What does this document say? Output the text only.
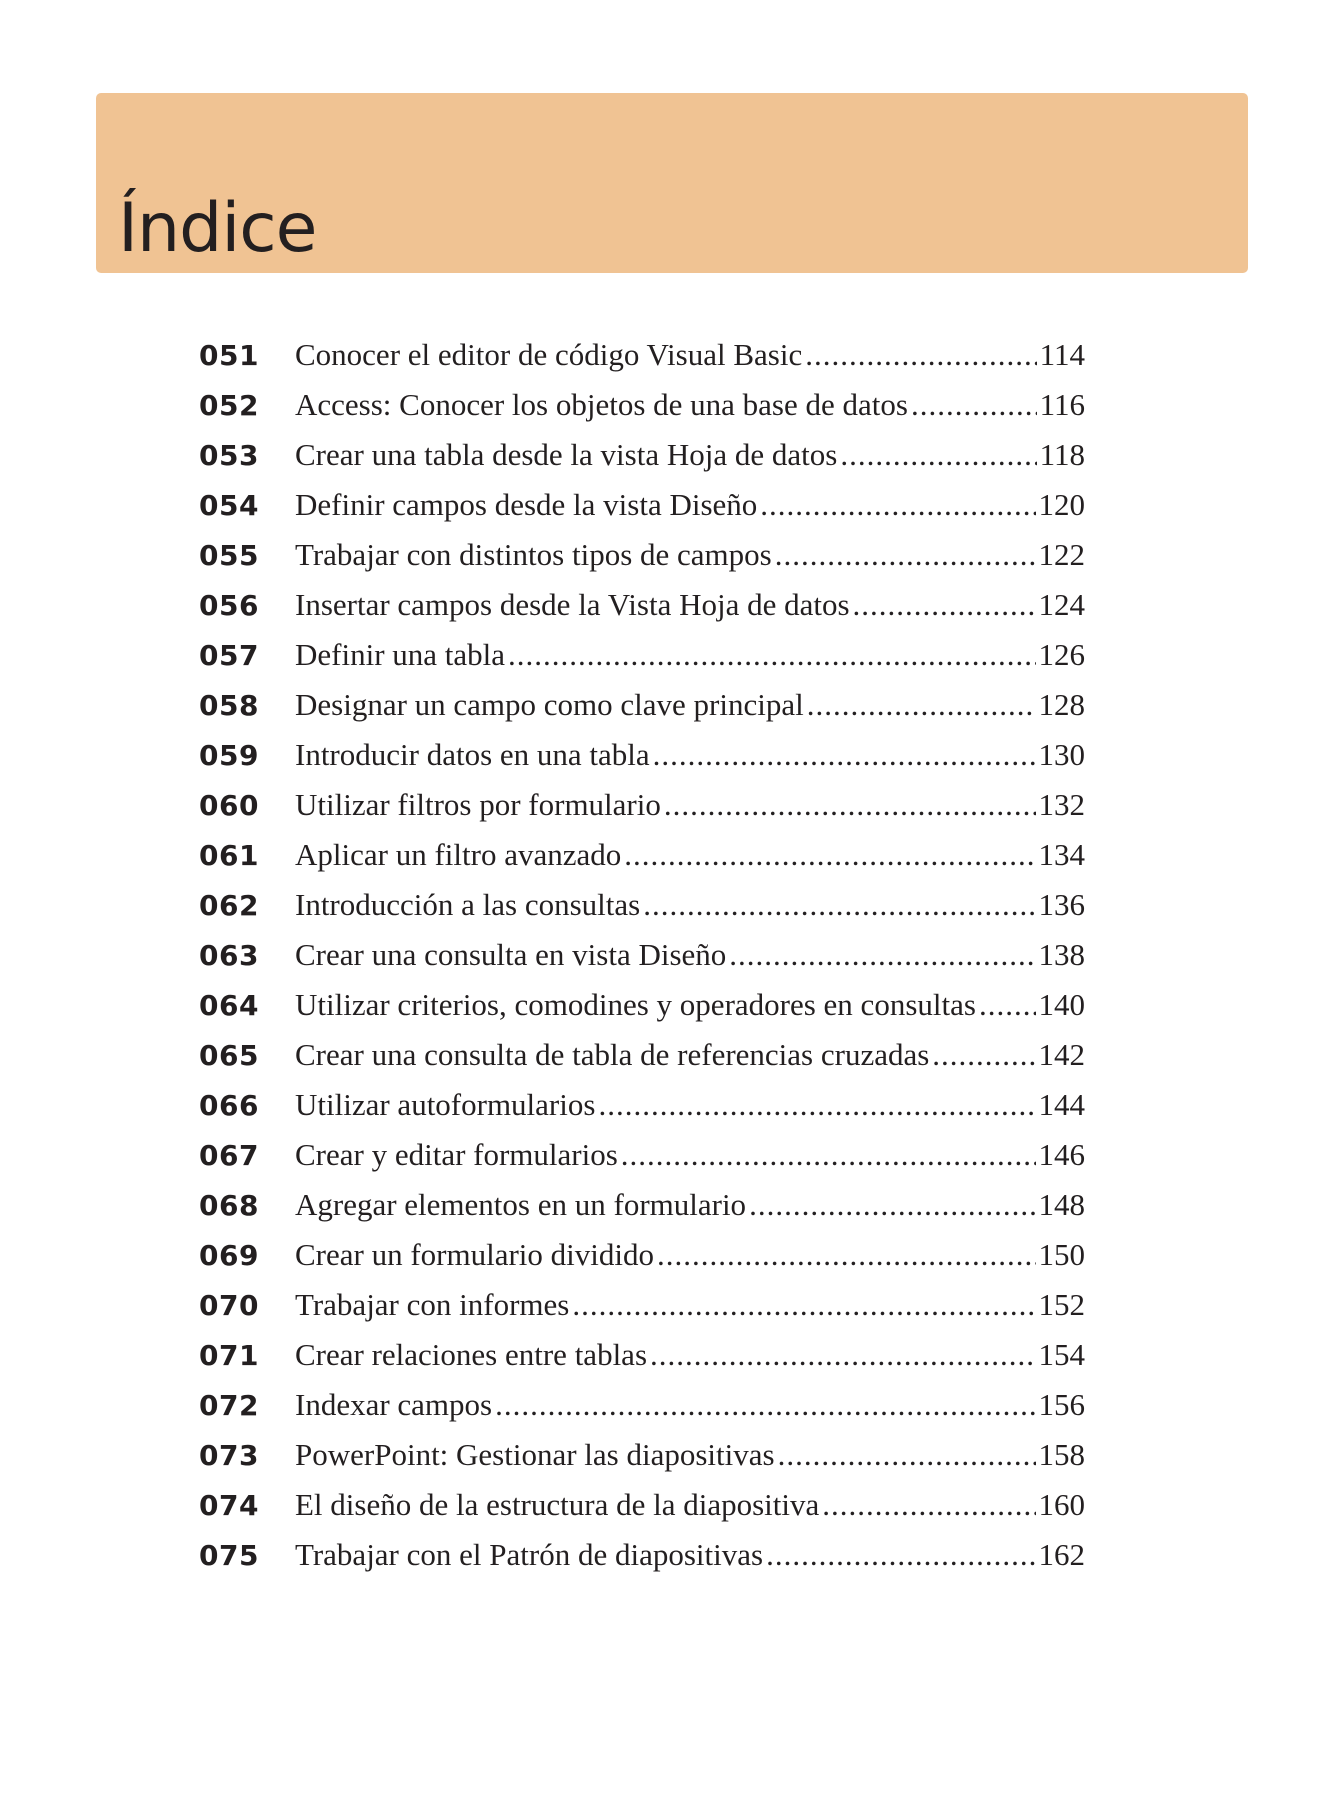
Índice
051	Conocer el editor de código Visual Basic .....	114
052	Access: Conocer los objetos de una base de datos .....	116
053	Crear una tabla desde la vista Hoja de datos .....	118
054	Definir campos desde la vista Diseño .....	120
055	Trabajar con distintos tipos de campos .....	122
056	Insertar campos desde la Vista Hoja de datos .....	124
057	Definir una tabla .....	126
058	Designar un campo como clave principal .....	128
059	Introducir datos en una tabla .....	130
060	Utilizar filtros por formulario .....	132
061	Aplicar un filtro avanzado .....	134
062	Introducción a las consultas .....	136
063	Crear una consulta en vista Diseño .....	138
064	Utilizar criterios, comodines y operadores en consultas ..... 140
065	Crear una consulta de tabla de referencias cruzadas .....	142
066	Utilizar autoformularios .....	144
067	Crear y editar formularios .....	146
068	Agregar elementos en un formulario .....	148
069	Crear un formulario dividido .....	150
070	Trabajar con informes .....	152
071	Crear relaciones entre tablas .....	154
072	Indexar campos .....	156
073	PowerPoint: Gestionar las diapositivas .....	158
074	El diseño de la estructura de la diapositiva .....	160
075	Trabajar con el Patrón de diapositivas .....	162
